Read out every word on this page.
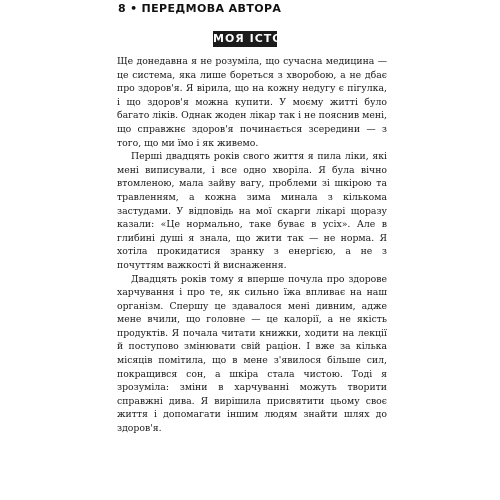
8 • ПЕРЕДМОВА АВТОРА
МОЯ ІСТОРІЯ

Ще донедавна я не розуміла, що сучасна медицина — це система, яка лише бореться з хворобою, а не дбає про здоров'я. Я вірила, що на кожну недугу є пігулка, і що здоров'я можна купити. У моєму житті було багато ліків. Однак жоден лікар так і не пояснив мені, що справжнє здоров'я починається зсередини — з того, що ми їмо і як живемо.

Перші двадцять років свого життя я пила ліки, які мені виписували, і все одно хворіла. Я була вічно втомленою, мала зайву вагу, проблеми зі шкірою та травленням, а кожна зима минала з кількома застудами. У відповідь на мої скарги лікарі щоразу казали: «Це нормально, таке буває в усіх». Але в глибині душі я знала, що жити так — не норма. Я хотіла прокидатися зранку з енергією, а не з почуттям важкості й виснаження.

Двадцять років тому я вперше почула про здорове харчування і про те, як сильно їжа впливає на наш організм. Спершу це здавалося мені дивним, адже мене вчили, що головне — це калорії, а не якість продуктів. Я почала читати книжки, ходити на лекції й поступово змінювати свій раціон. І вже за кілька місяців помітила, що в мене з'явилося більше сил, покращився сон, а шкіра стала чистою. Тоді я зрозуміла: зміни в харчуванні можуть творити справжні дива. Я вирішила присвятити цьому своє життя і допомагати іншим людям знайти шлях до здоров'я.
